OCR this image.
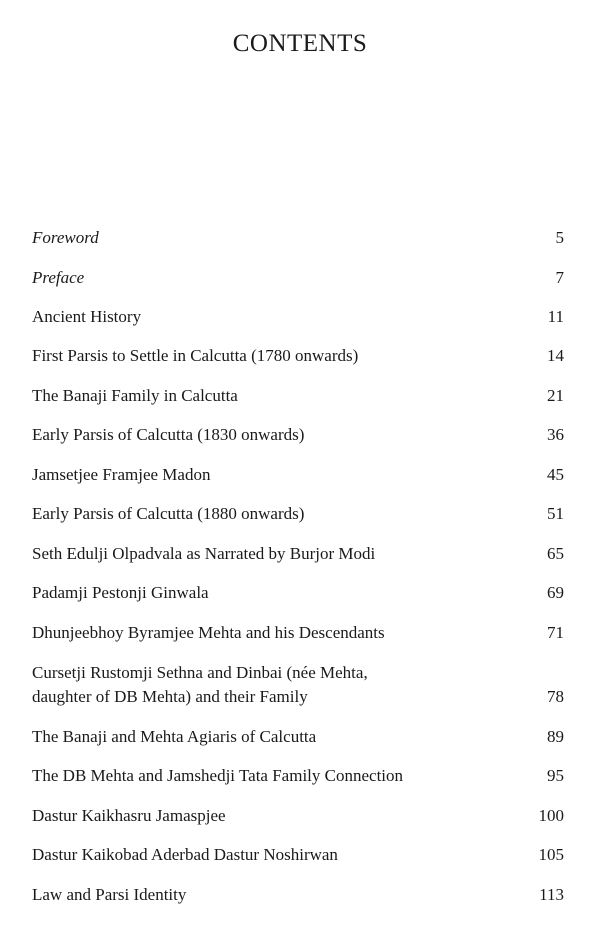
CONTENTS
Foreword	5
Preface	7
Ancient History	11
First Parsis to Settle in Calcutta (1780 onwards)	14
The Banaji Family in Calcutta	21
Early Parsis of Calcutta (1830 onwards)	36
Jamsetjee Framjee Madon	45
Early Parsis of Calcutta (1880 onwards)	51
Seth Edulji Olpadvala as Narrated by Burjor Modi	65
Padamji Pestonji Ginwala	69
Dhunjeebhoy Byramjee Mehta and his Descendants	71
Cursetji Rustomji Sethna and Dinbai (née Mehta,
daughter of DB Mehta) and their Family	78
The Banaji and Mehta Agiaris of Calcutta	89
The DB Mehta and Jamshedji Tata Family Connection	95
Dastur Kaikhasru Jamaspjee	100
Dastur Kaikobad Aderbad Dastur Noshirwan	105
Law and Parsi Identity	113
